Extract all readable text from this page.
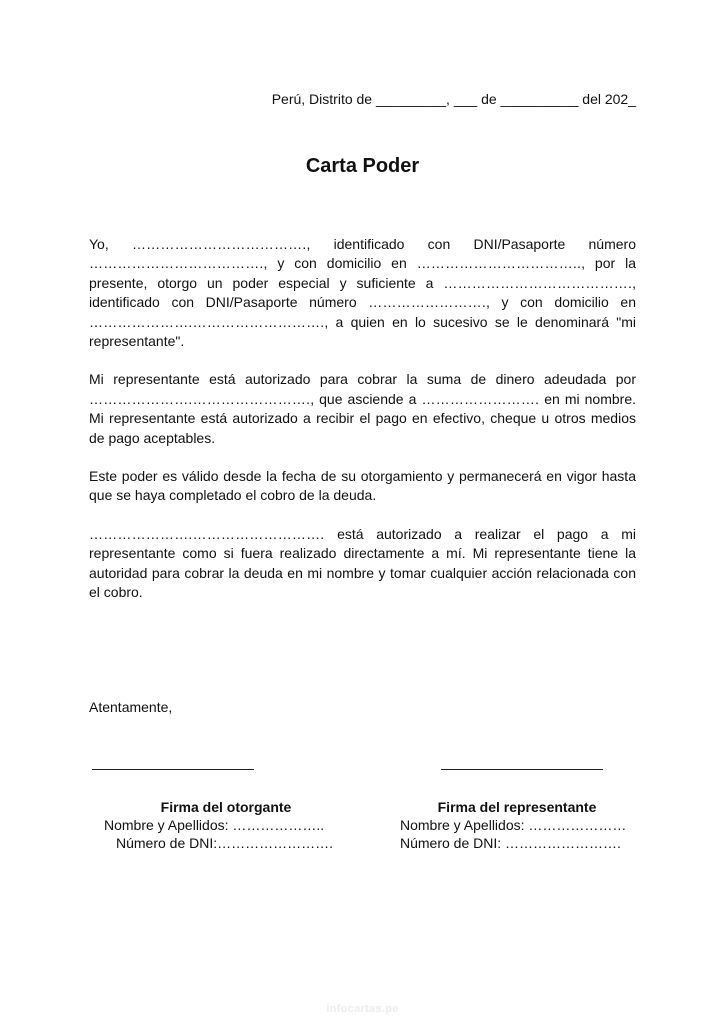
Perú, Distrito de _________, ___ de __________ del 202_
Carta Poder

Yo, ………………………………., identificado con DNI/Pasaporte número ………………………………., y con domicilio en …………………………….., por la presente, otorgo un poder especial y suficiente a …………………………………., identificado con DNI/Pasaporte número ……………………., y con domicilio en ………………….………………………., a quien en lo sucesivo se le denominará "mi representante".

Mi representante está autorizado para cobrar la suma de dinero adeudada por ………………….……………………., que asciende a ……………………. en mi nombre. Mi representante está autorizado a recibir el pago en efectivo, cheque u otros medios de pago aceptables.

Este poder es válido desde la fecha de su otorgamiento y permanecerá en vigor hasta que se haya completado el cobro de la deuda.

………………….………………………. está autorizado a realizar el pago a mi representante como si fuera realizado directamente a mí. Mi representante tiene la autoridad para cobrar la deuda en mi nombre y tomar cualquier acción relacionada con el cobro.

Atentamente,
Firma del otorgante
Nombre y Apellidos: ………………..
Número de DNI:…………………….
Firma del representante
Nombre y Apellidos: …………………
Número de DNI: …………………….
infocartas.pe
